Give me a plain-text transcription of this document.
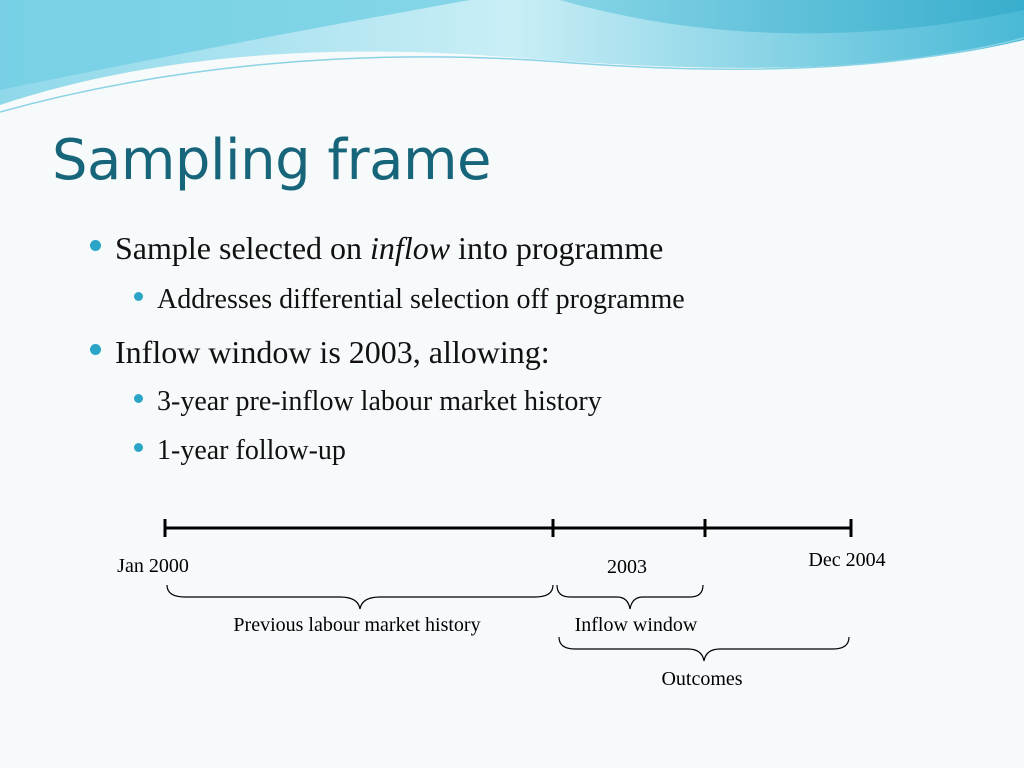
Sampling frame
Sample selected on inflow into programme
Addresses differential selection off programme
Inflow window is 2003, allowing:
3-year pre-inflow labour market history
1-year follow-up
Jan 2000	2003	Dec 2004
Previous labour market history	Inflow window
Outcomes
